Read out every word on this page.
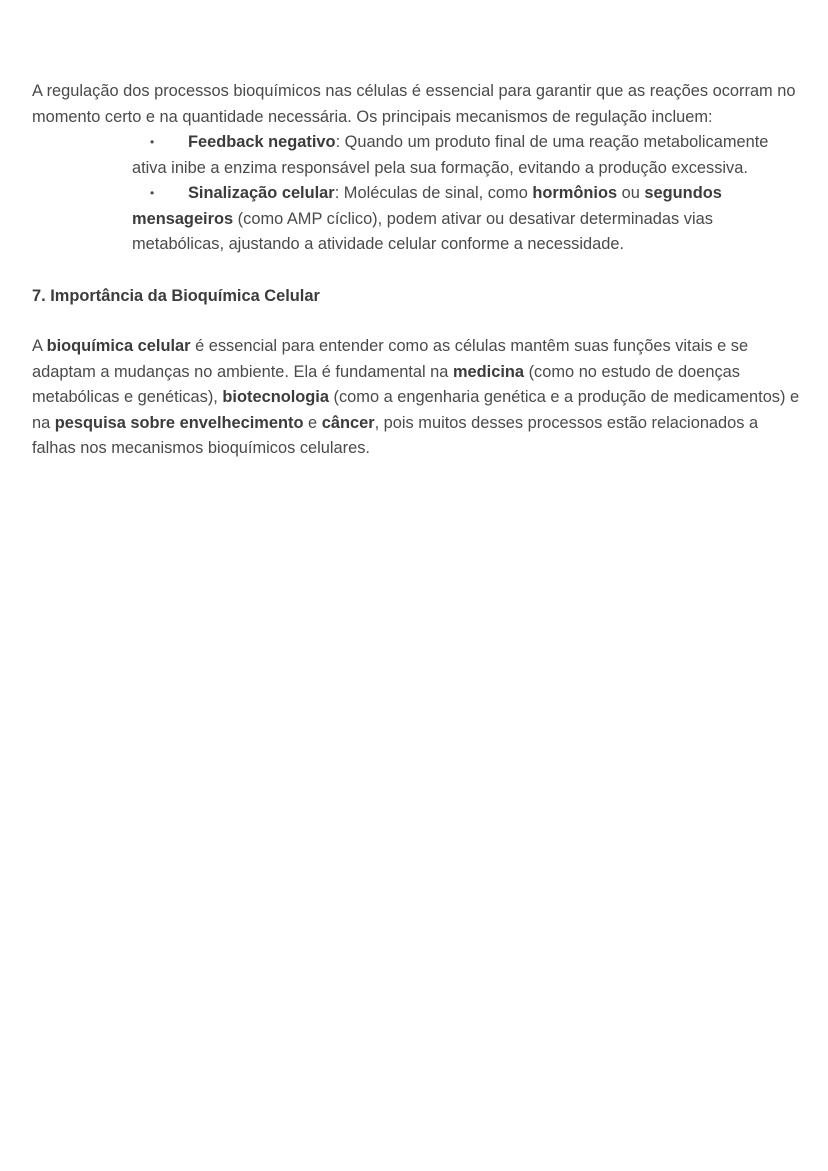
A regulação dos processos bioquímicos nas células é essencial para garantir que as reações ocorram no momento certo e na quantidade necessária. Os principais mecanismos de regulação incluem:

• Feedback negativo: Quando um produto final de uma reação metabolicamente ativa inibe a enzima responsável pela sua formação, evitando a produção excessiva.
• Sinalização celular: Moléculas de sinal, como hormônios ou segundos mensageiros (como AMP cíclico), podem ativar ou desativar determinadas vias metabólicas, ajustando a atividade celular conforme a necessidade.

7. Importância da Bioquímica Celular

A bioquímica celular é essencial para entender como as células mantêm suas funções vitais e se adaptam a mudanças no ambiente. Ela é fundamental na medicina (como no estudo de doenças metabólicas e genéticas), biotecnologia (como a engenharia genética e a produção de medicamentos) e na pesquisa sobre envelhecimento e câncer, pois muitos desses processos estão relacionados a falhas nos mecanismos bioquímicos celulares.
